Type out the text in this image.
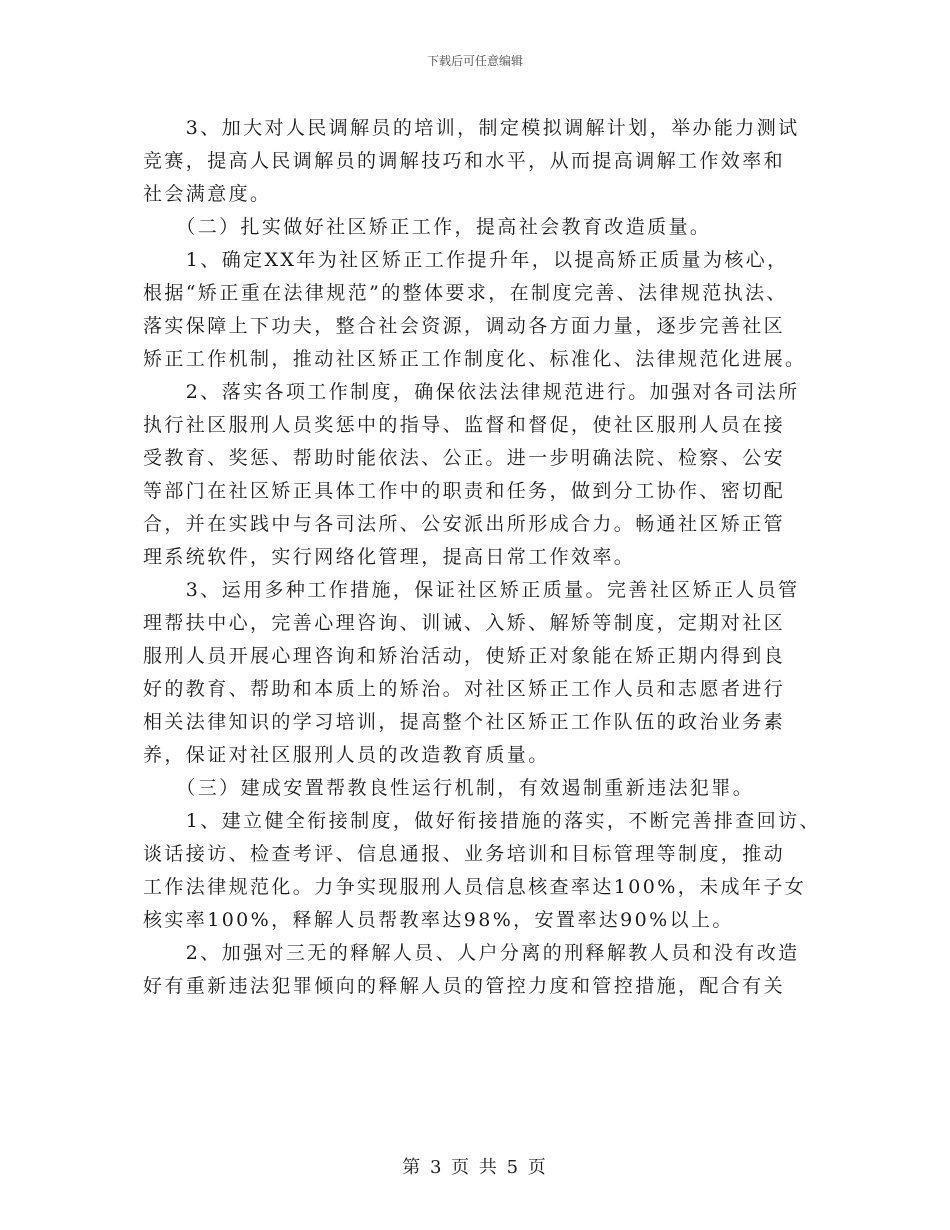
下载后可任意编辑

　　3、加大对人民调解员的培训，制定模拟调解计划，举办能力测试
竞赛，提高人民调解员的调解技巧和水平，从而提高调解工作效率和
社会满意度。

　　（二）扎实做好社区矫正工作，提高社会教育改造质量。

　　1、确定XX年为社区矫正工作提升年，以提高矫正质量为核心，
根据“矫正重在法律规范”的整体要求，在制度完善、法律规范执法、
落实保障上下功夫，整合社会资源，调动各方面力量，逐步完善社区
矫正工作机制，推动社区矫正工作制度化、标准化、法律规范化进展。

　　2、落实各项工作制度，确保依法法律规范进行。加强对各司法所
执行社区服刑人员奖惩中的指导、监督和督促，使社区服刑人员在接
受教育、奖惩、帮助时能依法、公正。进一步明确法院、检察、公安
等部门在社区矫正具体工作中的职责和任务，做到分工协作、密切配
合，并在实践中与各司法所、公安派出所形成合力。畅通社区矫正管
理系统软件，实行网络化管理，提高日常工作效率。

　　3、运用多种工作措施，保证社区矫正质量。完善社区矫正人员管
理帮扶中心，完善心理咨询、训诫、入矫、解矫等制度，定期对社区
服刑人员开展心理咨询和矫治活动，使矫正对象能在矫正期内得到良
好的教育、帮助和本质上的矫治。对社区矫正工作人员和志愿者进行
相关法律知识的学习培训，提高整个社区矫正工作队伍的政治业务素
养，保证对社区服刑人员的改造教育质量。

　　（三）建成安置帮教良性运行机制，有效遏制重新违法犯罪。

　　1、建立健全衔接制度，做好衔接措施的落实，不断完善排查回访、
谈话接访、检查考评、信息通报、业务培训和目标管理等制度，推动
工作法律规范化。力争实现服刑人员信息核查率达100%，未成年子女
核实率100%，释解人员帮教率达98%，安置率达90%以上。

　　2、加强对三无的释解人员、人户分离的刑释解教人员和没有改造
好有重新违法犯罪倾向的释解人员的管控力度和管控措施，配合有关

第 3 页 共 5 页
